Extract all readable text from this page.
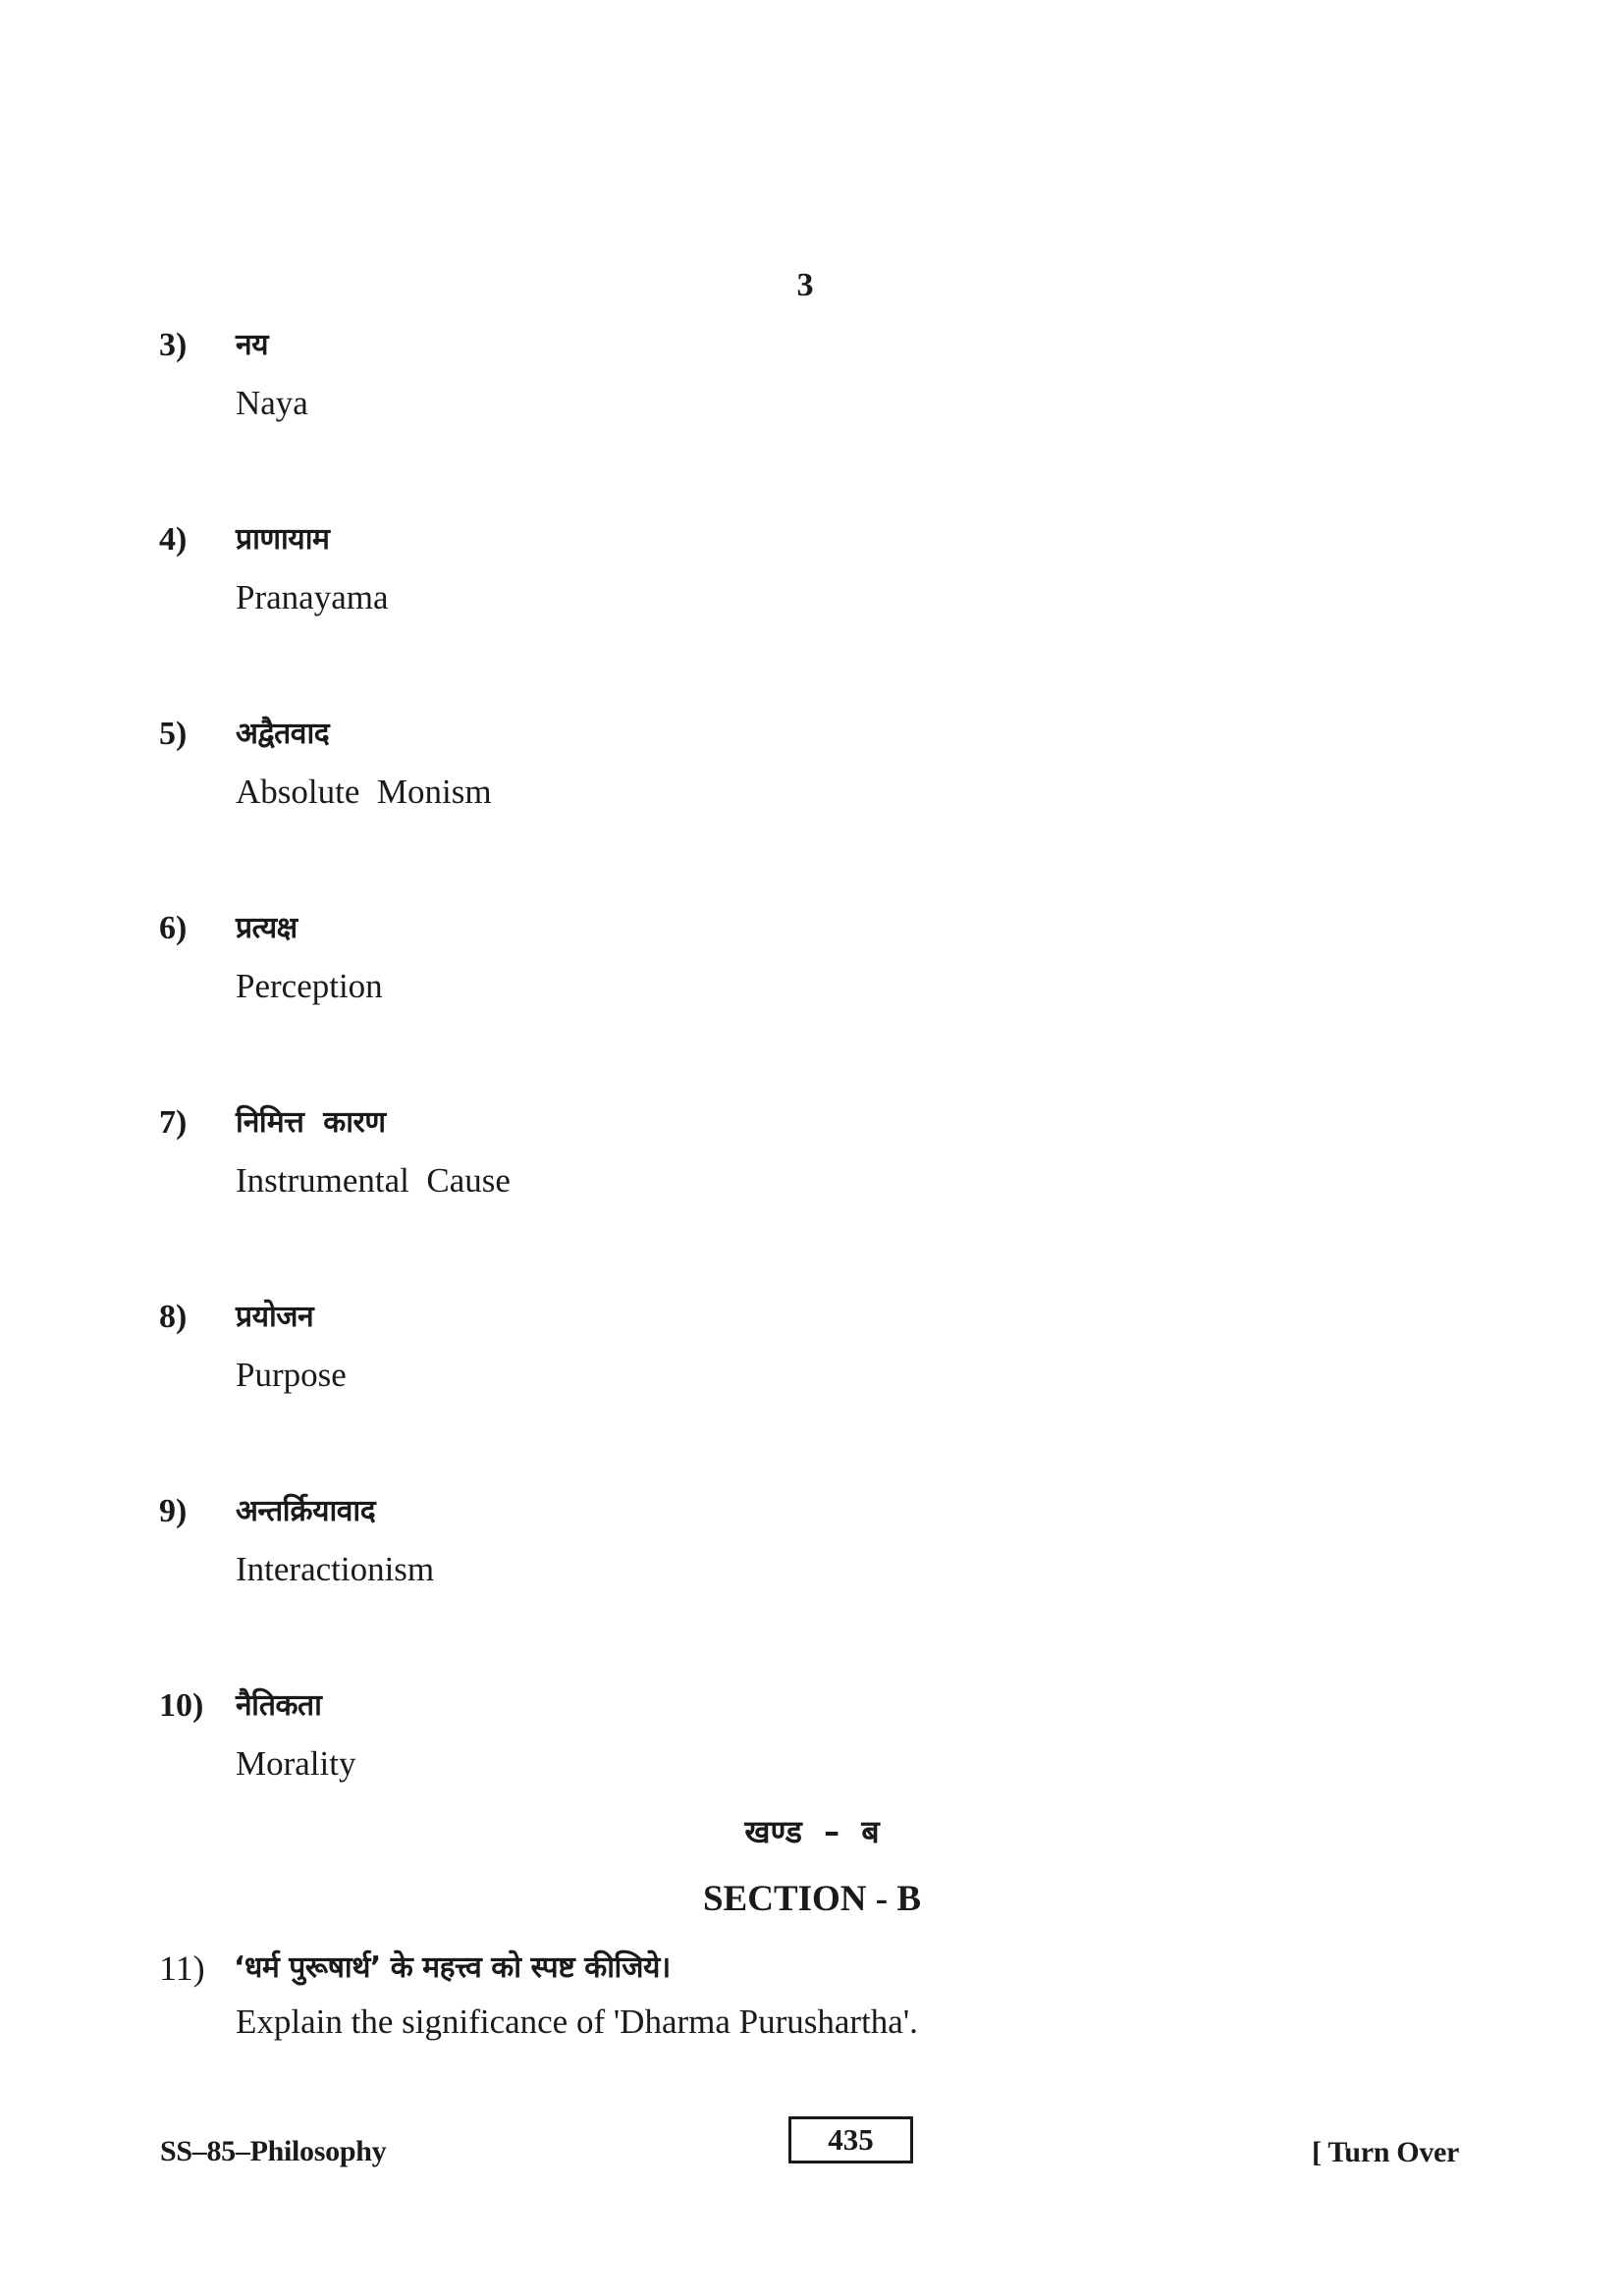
3
3) नय
Naya
4) प्राणायाम
Pranayama
5) अद्वैतवाद
Absolute  Monism
6) प्रत्यक्ष
Perception
7) निमित्त  कारण
Instrumental  Cause
8) प्रयोजन
Purpose
9) अन्तर्क्रियावाद
Interactionism
10) नैतिकता
Morality
खण्ड  –  ब
SECTION - B
11) ‘धर्म पुरूषार्थ’ के महत्त्व को स्पष्ट कीजिये।
Explain the significance of 'Dharma Purushartha'.
SS–85–Philosophy	435	[ Turn Over
